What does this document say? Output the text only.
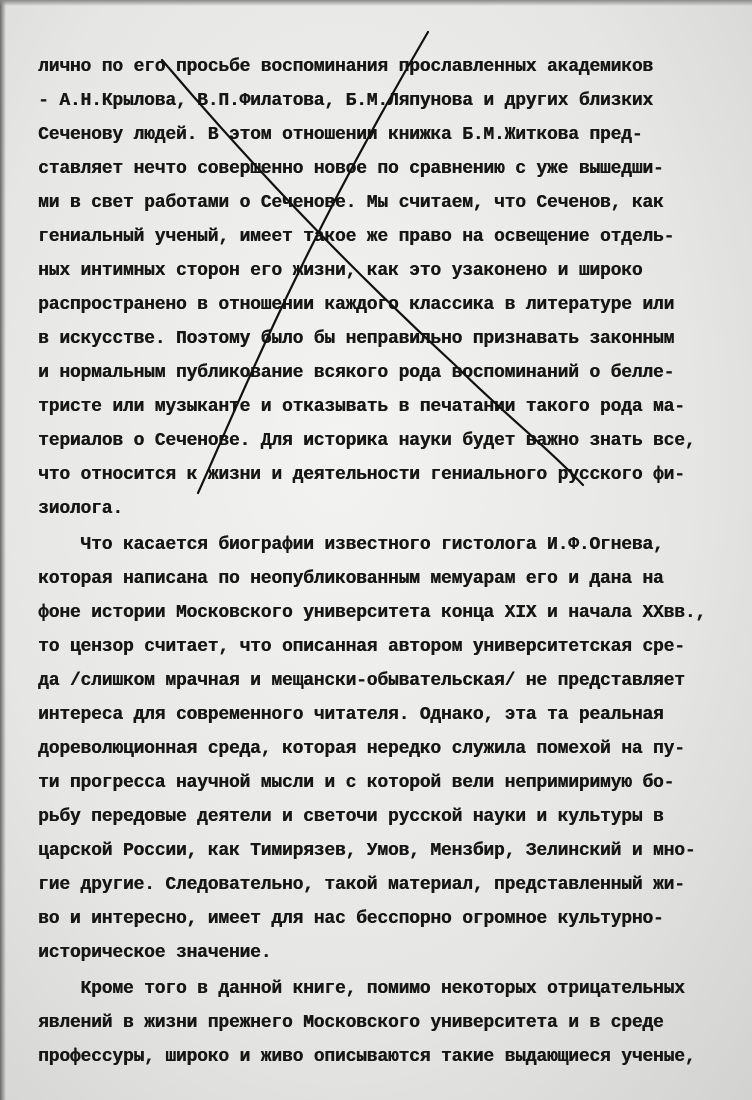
лично по его просьбе воспоминания прославленных академиков
- А.Н.Крылова, В.П.Филатова, Б.М.Ляпунова и других близких
Сеченову людей. В этом отношении книжка Б.М.Житкова пред-
ставляет нечто совершенно новое по сравнению с уже вышедши-
ми в свет работами о Сеченове. Мы считаем, что Сеченов, как
гениальный ученый, имеет такое же право на освещение отдель-
ных интимных сторон его жизни, как это узаконено и широко
распространено в отношении каждого классика в литературе или
в искусстве. Поэтому было бы неправильно признавать законным
и нормальным публикование всякого рода воспоминаний о белле-
тристе или музыканте и отказывать в печатании такого рода ма-
териалов о Сеченове. Для историка науки будет важно знать все,
что относится к жизни и деятельности гениального русского фи-
зиолога.
Что касается биографии известного гистолога И.Ф.Огнева,
которая написана по неопубликованным мемуарам его и дана на
фоне истории Московского университета конца XIX и начала XXвв.,
то цензор считает, что описанная автором университетская сре-
да /слишком мрачная и мещански-обывательская/ не представляет
интереса для современного читателя. Однако, эта та реальная
дореволюционная среда, которая нередко служила помехой на пу-
ти прогресса научной мысли и с которой вели непримиримую бо-
рьбу передовые деятели и светочи русской науки и культуры в
царской России, как Тимирязев, Умов, Мензбир, Зелинский и мно-
гие другие. Следовательно, такой материал, представленный жи-
во и интересно, имеет для нас бесспорно огромное культурно-
историческое значение.
Кроме того в данной книге, помимо некоторых отрицательных
явлений в жизни прежнего Московского университета и в среде
профессуры, широко и живо описываются такие выдающиеся ученые,
